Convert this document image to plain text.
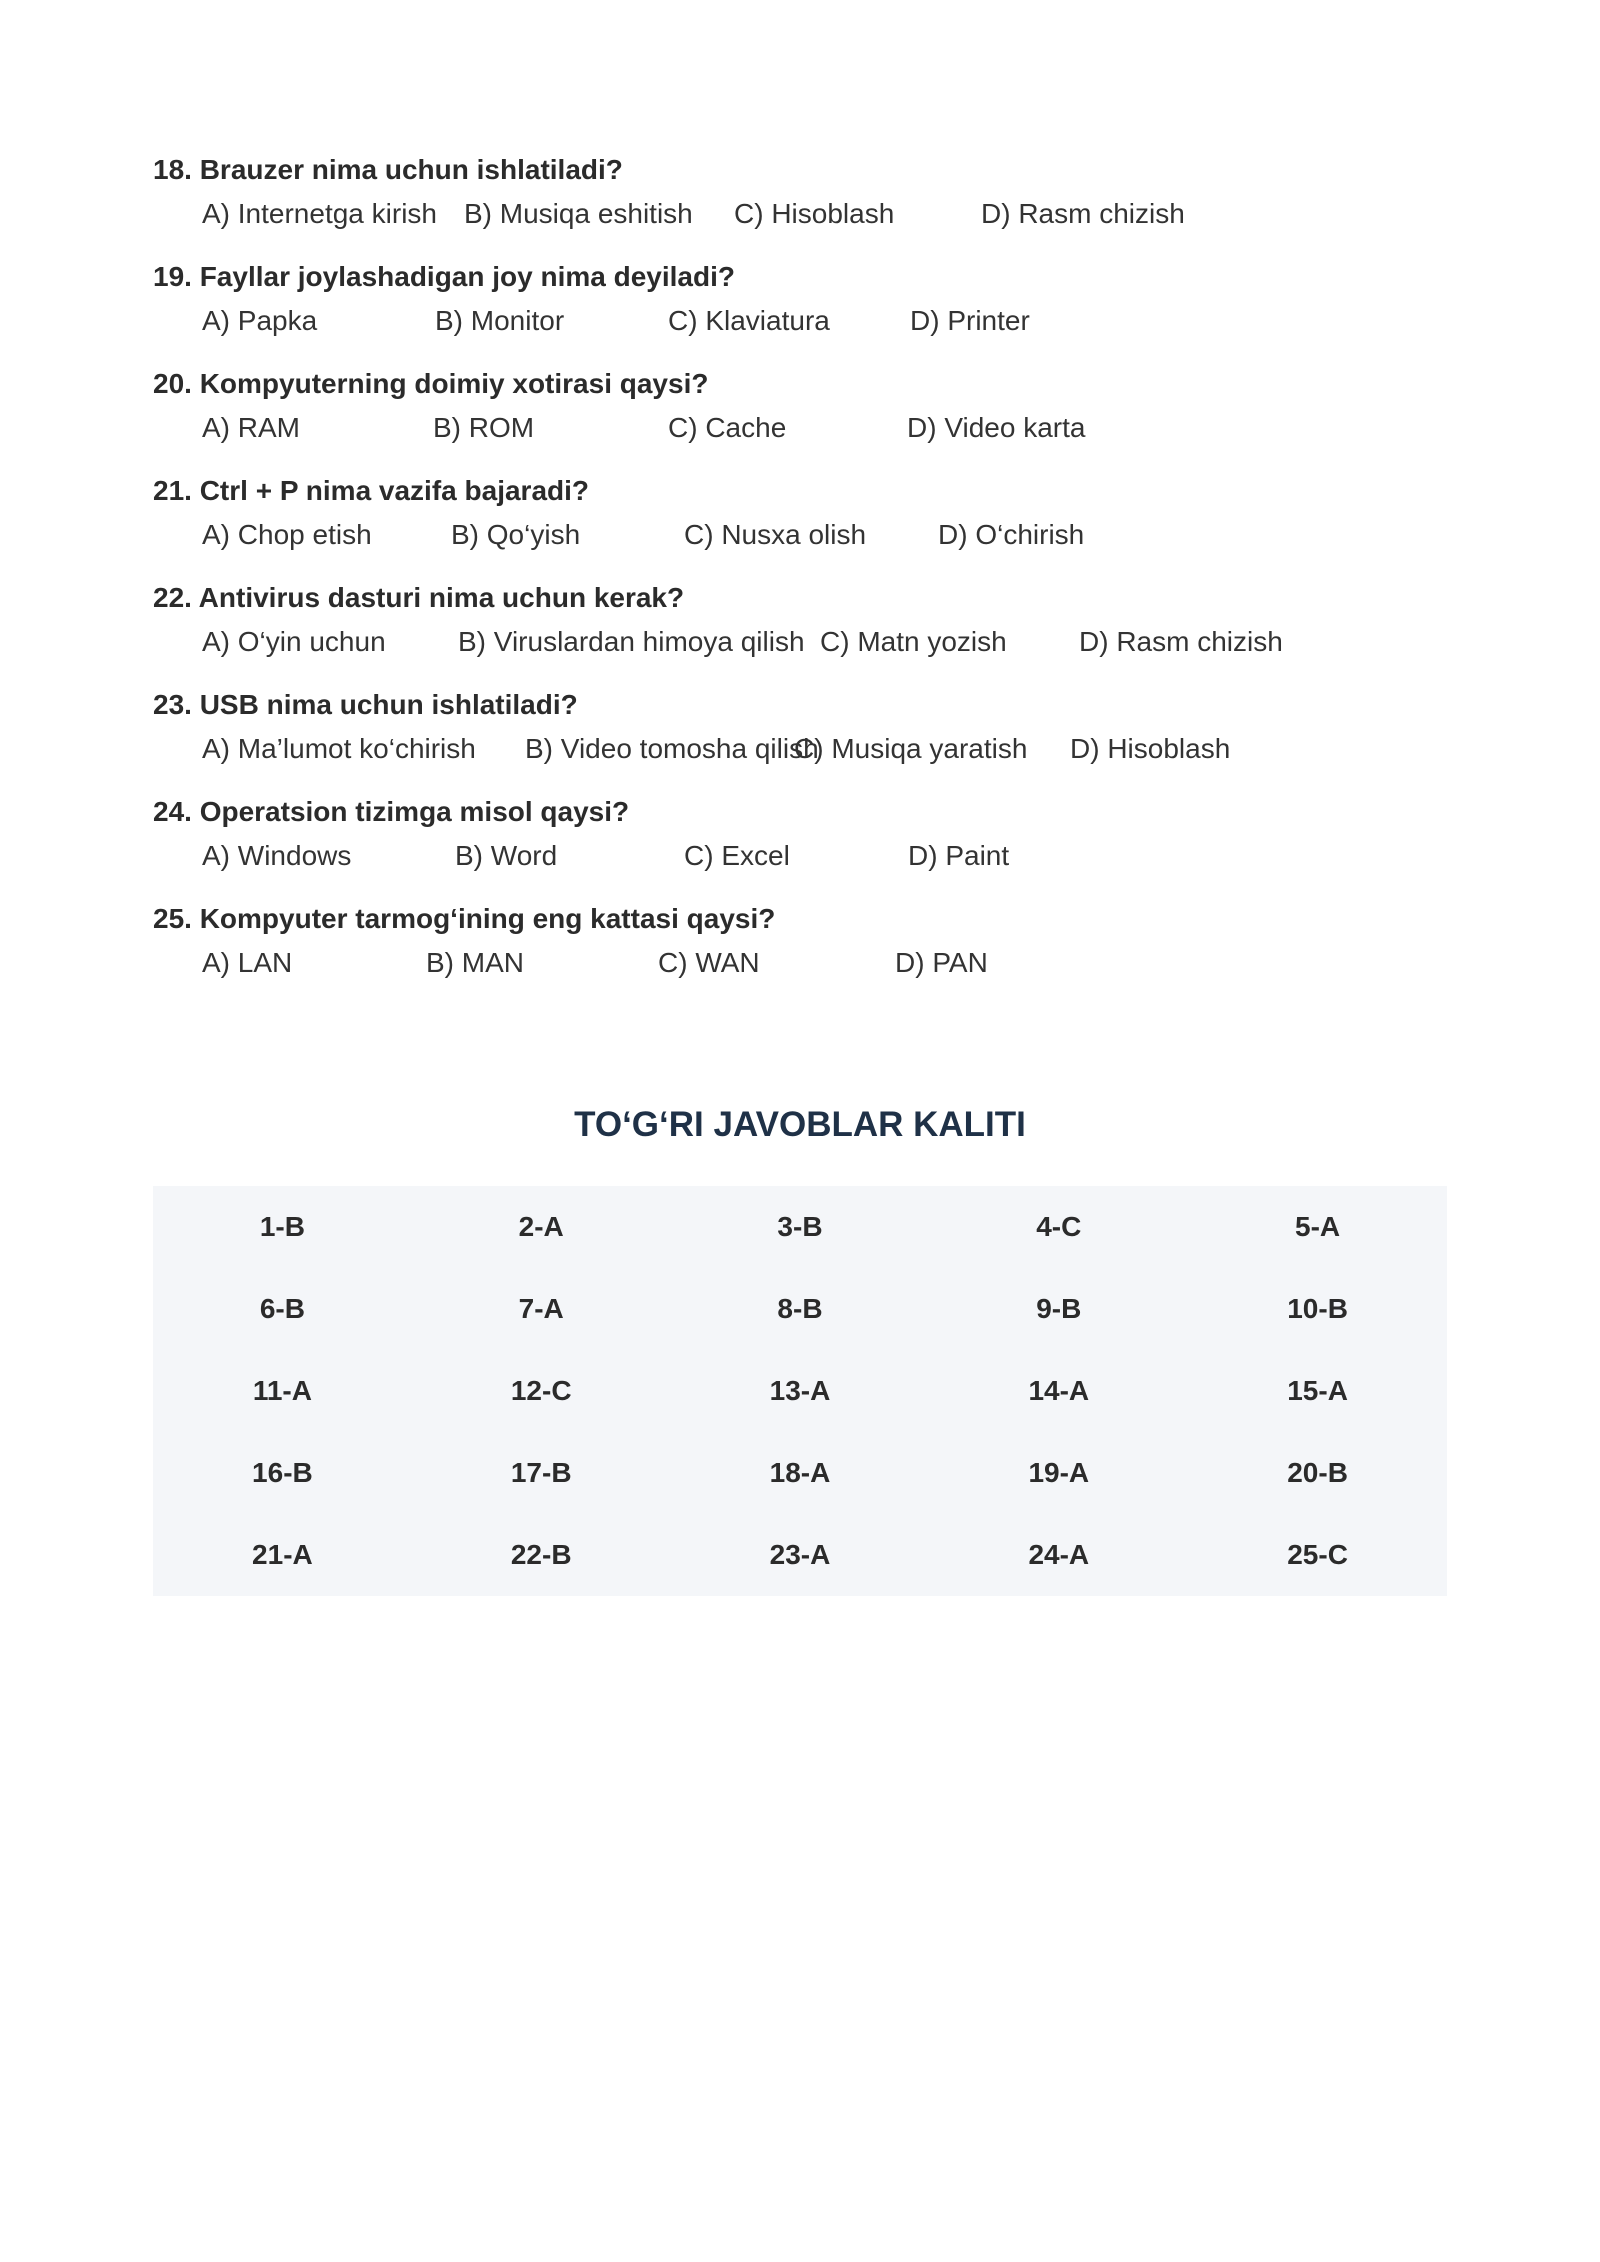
18. Brauzer nima uchun ishlatiladi?
A) Internetga kirish B) Musiqa eshitish C) Hisoblash	D) Rasm chizish
19. Fayllar joylashadigan joy nima deyiladi?
A) Papka	B) Monitor	C) Klaviatura	D) Printer
20. Kompyuterning doimiy xotirasi qaysi?
A) RAM	B) ROM	C) Cache	D) Video karta
21. Ctrl + P nima vazifa bajaradi?
A) Chop etish	B) Qo‘yish	C) Nusxa olish	D) O‘chirish
22. Antivirus dasturi nima uchun kerak?
A) O‘yin uchun	B) Viruslardan himoya qilish C) Matn yozish	D) Rasm chizish
23. USB nima uchun ishlatiladi?
A) Ma’lumot ko‘chirish B) Video tomosha qilish
C) Musiqa yaratish D) Hisoblash
24. Operatsion tizimga misol qaysi?
A) Windows	B) Word	C) Excel	D) Paint
25. Kompyuter tarmog‘ining eng kattasi qaysi?
A) LAN	B) MAN	C) WAN	D) PAN
TO‘G‘RI JAVOBLAR KALITI
1-B	2-A	3-B	4-C	5-A
6-B	7-A	8-B	9-B	10-B
11-A	12-C	13-A	14-A	15-A
16-B	17-B	18-A	19-A	20-B
21-A	22-B	23-A	24-A	25-C
